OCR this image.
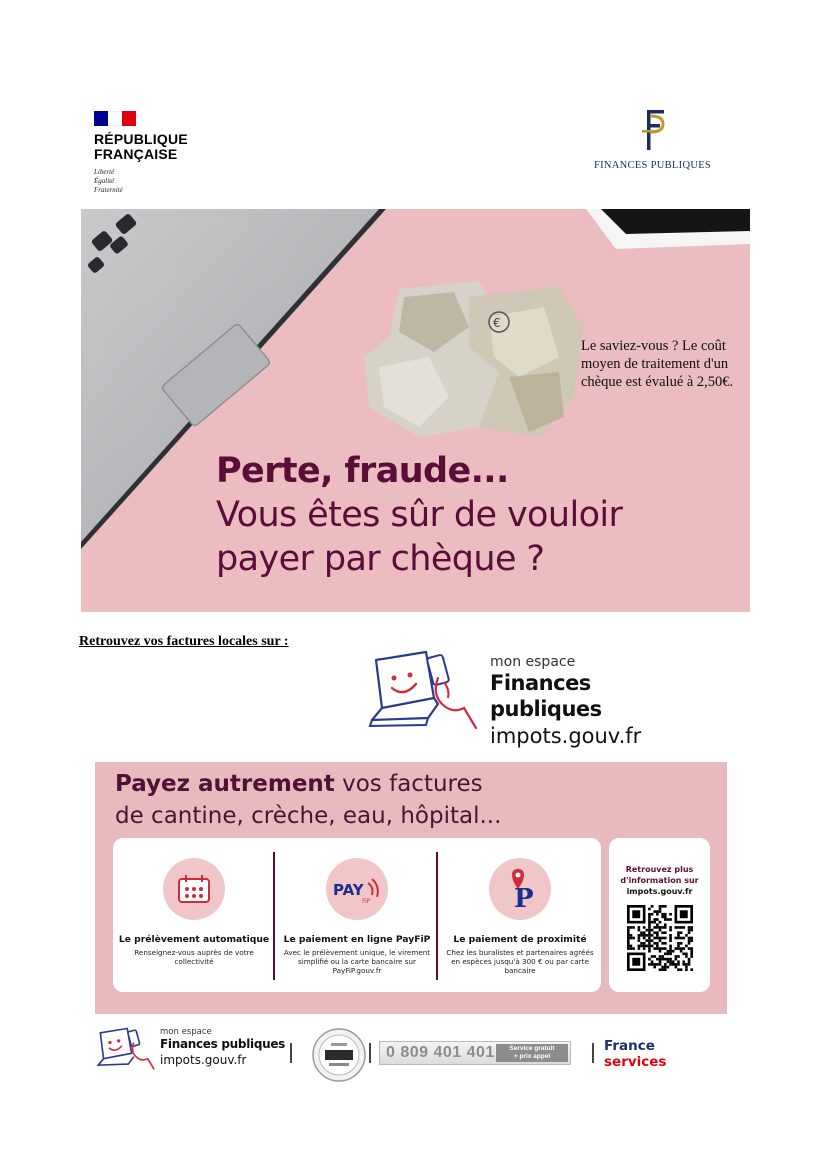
RÉPUBLIQUE
FRANÇAISE
Liberté
Égalité
Fraternité
FINANCES PUBLIQUES
€
Le saviez-vous ? Le coût moyen de traitement d'un chèque est évalué à 2,50€.
Perte, fraude...
Vous êtes sûr de vouloir
payer par chèque ?
Retrouvez vos factures locales sur :
mon espace
Finances publiques
impots.gouv.fr
Payez autrement vos factures
de cantine, crèche, eau, hôpital...
Le prélèvement automatique
Renseignez-vous auprès de votre collectivité
PAY
FiP
Le paiement en ligne PayFiP
Avec le prélèvement unique, le virement simplifié ou la carte bancaire sur PayFiP.gouv.fr
P
Le paiement de proximité
Chez les buralistes et partenaires agréés en espèces jusqu'à 300 € ou par carte bancaire
Retrouvez plus d'information sur
impots.gouv.fr
mon espace
Finances publiques
impots.gouv.fr	0 809 401 401	Service gratuit
+ prix appel
France
services
